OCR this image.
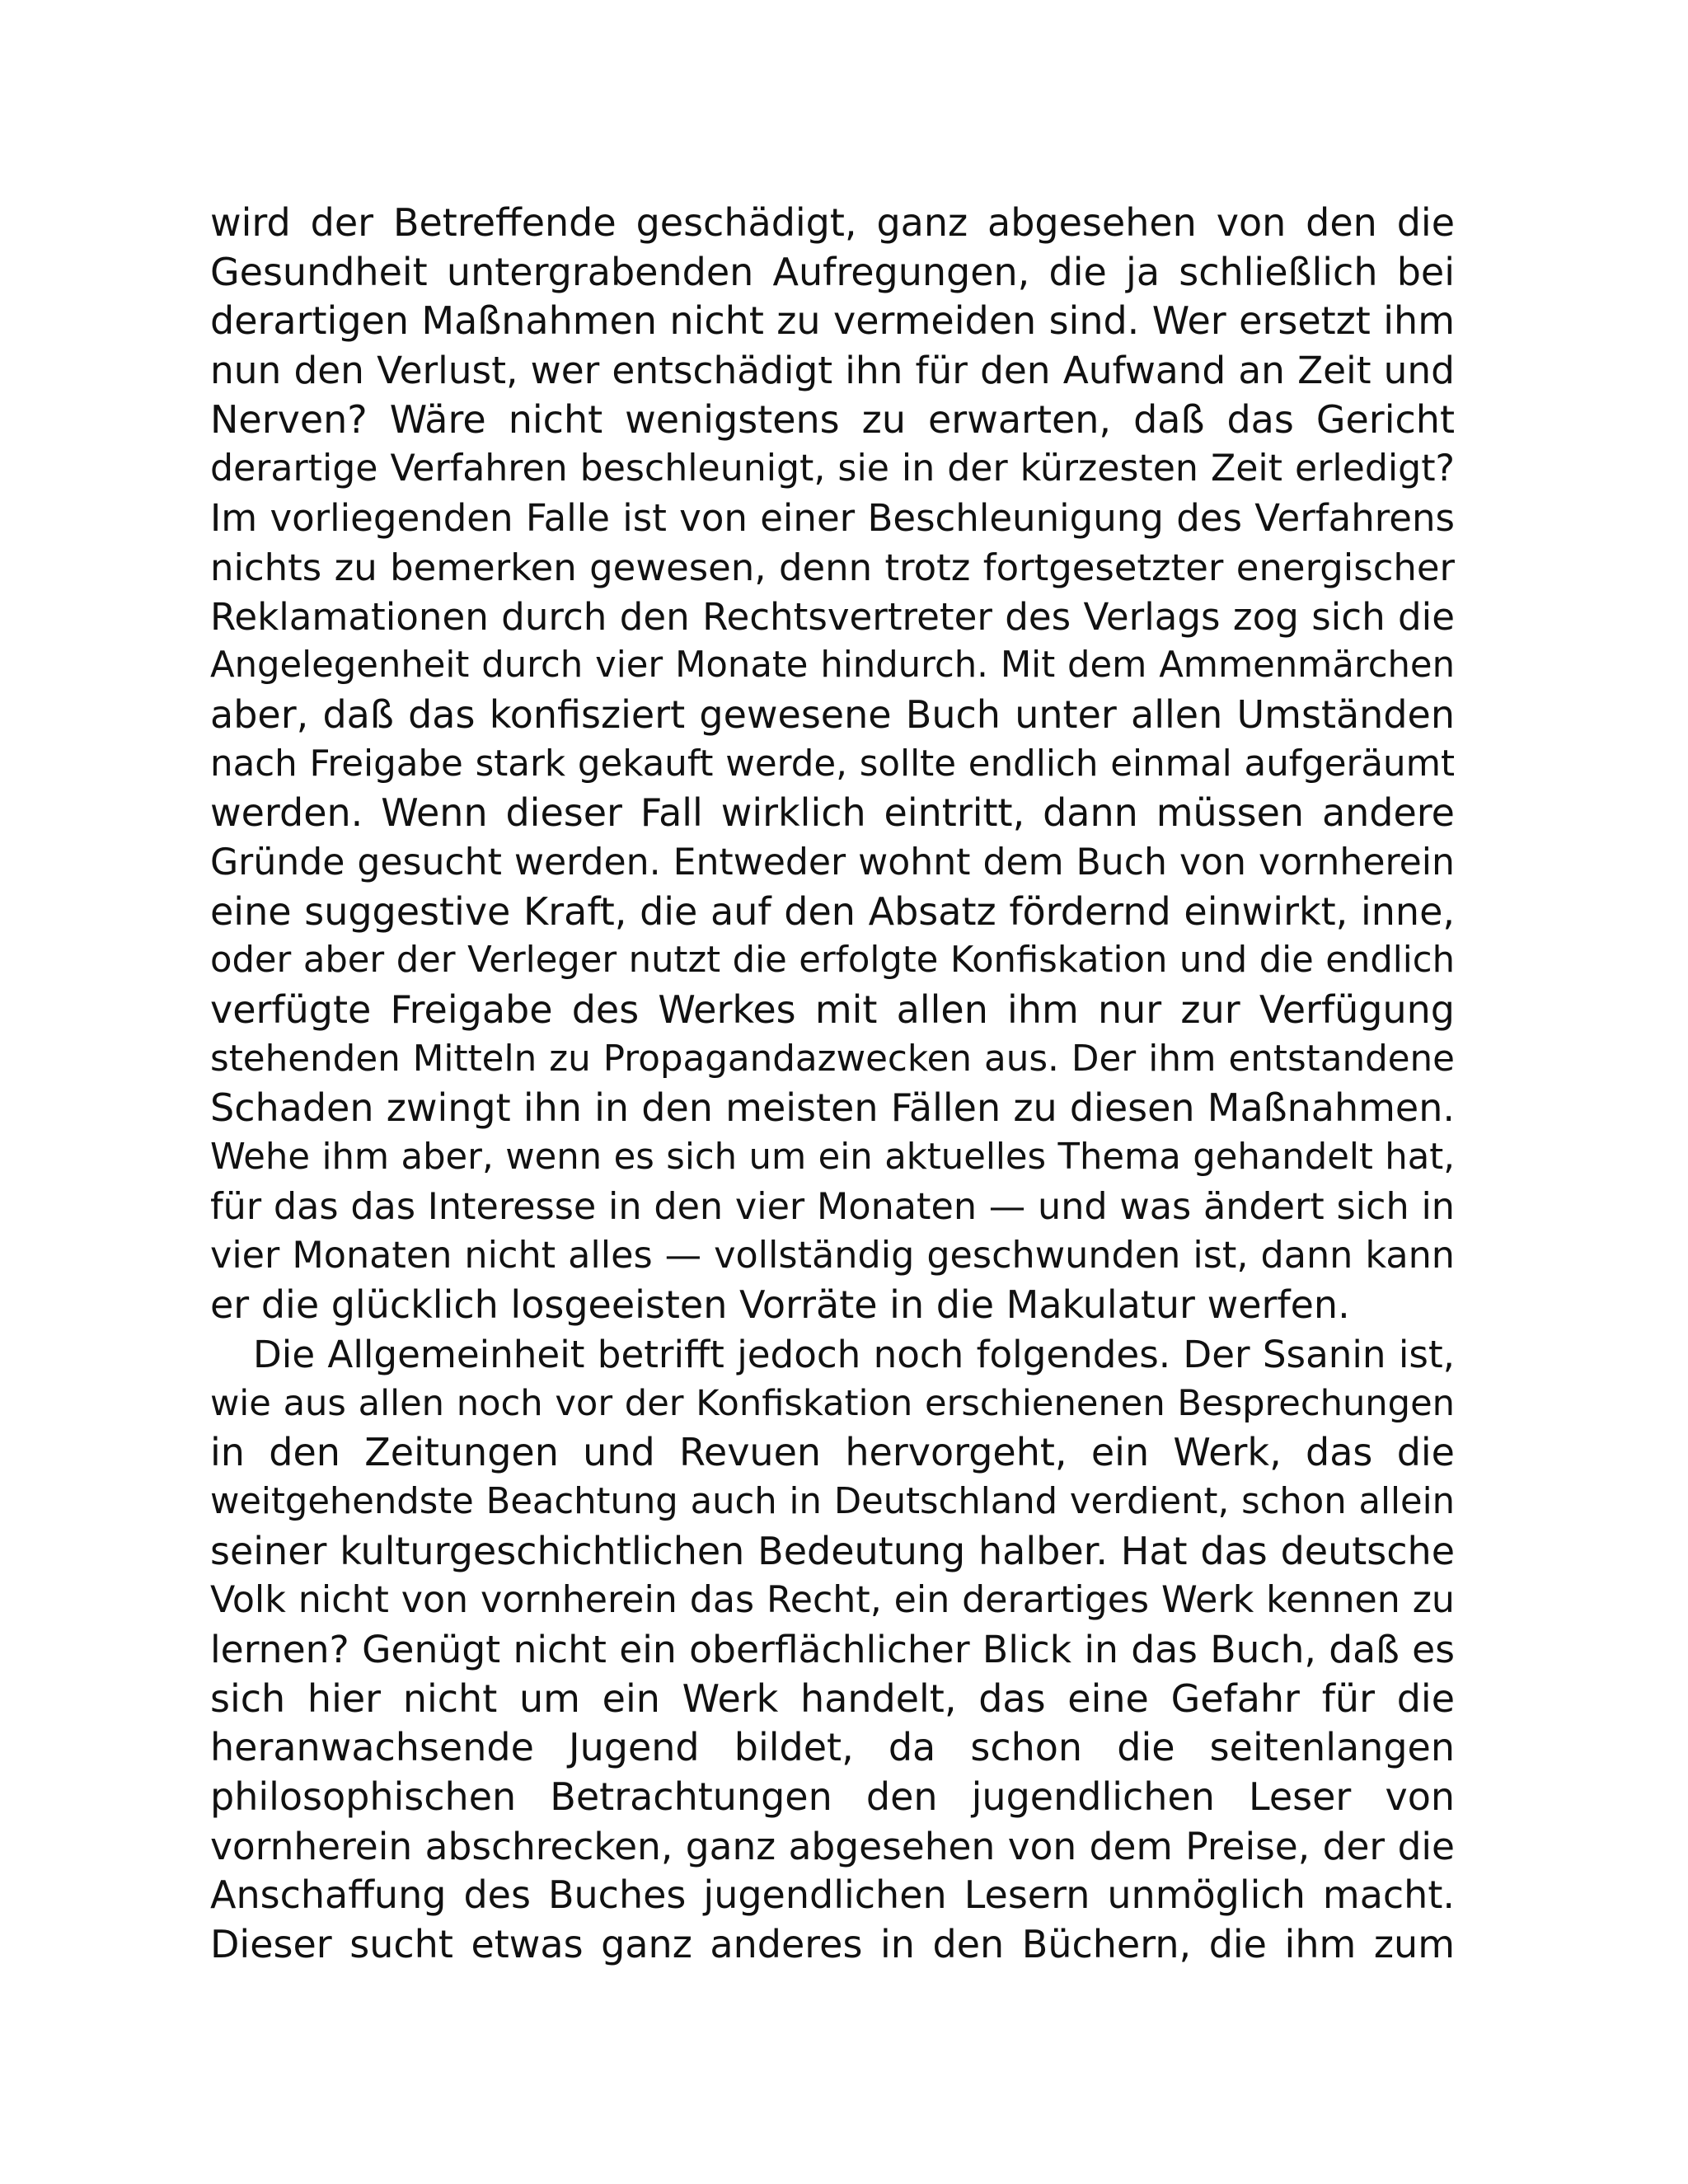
wird der Betreffende geschädigt, ganz abgesehen von den die
Gesundheit untergrabenden Aufregungen, die ja schließlich bei
derartigen Maßnahmen nicht zu vermeiden sind. Wer ersetzt ihm
nun den Verlust, wer entschädigt ihn für den Aufwand an Zeit und
Nerven? Wäre nicht wenigstens zu erwarten, daß das Gericht
derartige Verfahren beschleunigt, sie in der kürzesten Zeit erledigt?
Im vorliegenden Falle ist von einer Beschleunigung des Verfahrens
nichts zu bemerken gewesen, denn trotz fortgesetzter energischer
Reklamationen durch den Rechtsvertreter des Verlags zog sich die
Angelegenheit durch vier Monate hindurch. Mit dem Ammenmärchen
aber, daß das konfisziert gewesene Buch unter allen Umständen
nach Freigabe stark gekauft werde, sollte endlich einmal aufgeräumt
werden. Wenn dieser Fall wirklich eintritt, dann müssen andere
Gründe gesucht werden. Entweder wohnt dem Buch von vornherein
eine suggestive Kraft, die auf den Absatz fördernd einwirkt, inne,
oder aber der Verleger nutzt die erfolgte Konfiskation und die endlich
verfügte Freigabe des Werkes mit allen ihm nur zur Verfügung
stehenden Mitteln zu Propagandazwecken aus. Der ihm entstandene
Schaden zwingt ihn in den meisten Fällen zu diesen Maßnahmen.
Wehe ihm aber, wenn es sich um ein aktuelles Thema gehandelt hat,
für das das Interesse in den vier Monaten — und was ändert sich in
vier Monaten nicht alles — vollständig geschwunden ist, dann kann
er die glücklich losgeeisten Vorräte in die Makulatur werfen.
Die Allgemeinheit betrifft jedoch noch folgendes. Der Ssanin ist,
wie aus allen noch vor der Konfiskation erschienenen Besprechungen
in den Zeitungen und Revuen hervorgeht, ein Werk, das die
weitgehendste Beachtung auch in Deutschland verdient, schon allein
seiner kulturgeschichtlichen Bedeutung halber. Hat das deutsche
Volk nicht von vornherein das Recht, ein derartiges Werk kennen zu
lernen? Genügt nicht ein oberflächlicher Blick in das Buch, daß es
sich hier nicht um ein Werk handelt, das eine Gefahr für die
heranwachsende Jugend bildet, da schon die seitenlangen
philosophischen Betrachtungen den jugendlichen Leser von
vornherein abschrecken, ganz abgesehen von dem Preise, der die
Anschaffung des Buches jugendlichen Lesern unmöglich macht.
Dieser sucht etwas ganz anderes in den Büchern, die ihm zum
